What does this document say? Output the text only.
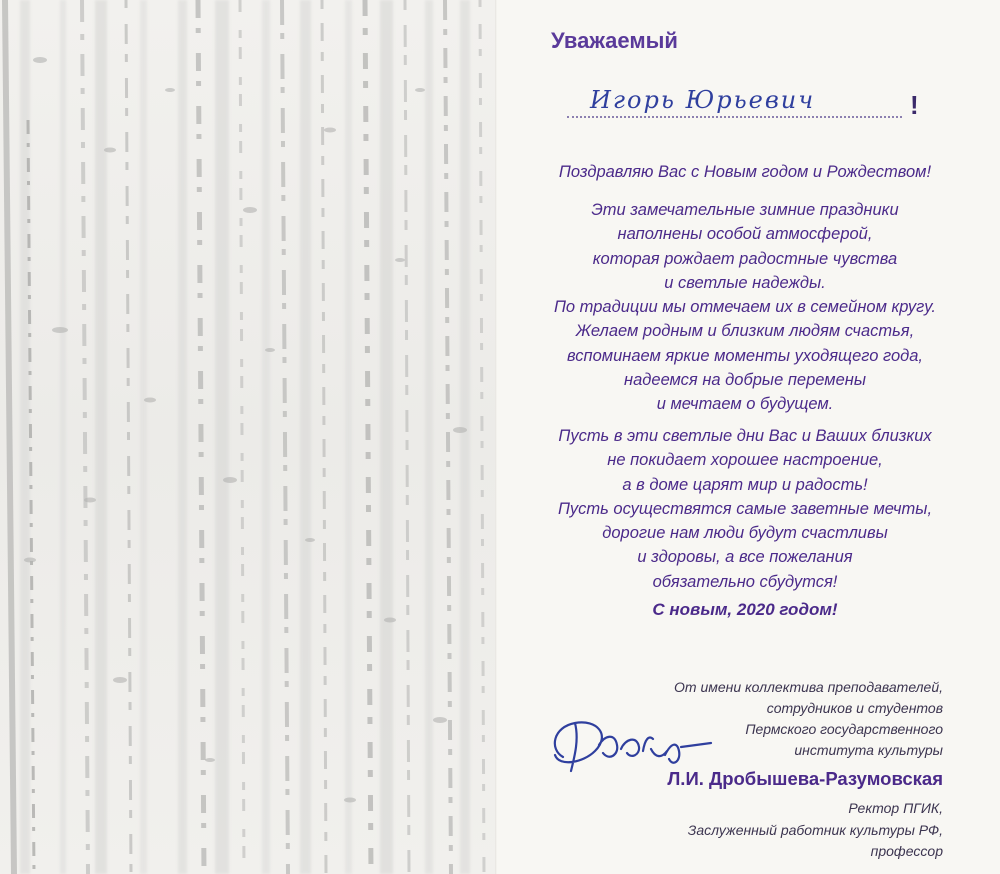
Уважаемый
Игорь Юрьевич	!
Поздравляю Вас с Новым годом и Рождеством!
Эти замечательные зимние праздники
наполнены особой атмосферой,
которая рождает радостные чувства
и светлые надежды.
По традиции мы отмечаем их в семейном кругу.
Желаем родным и близким людям счастья,
вспоминаем яркие моменты уходящего года,
надеемся на добрые перемены
и мечтаем о будущем.
Пусть в эти светлые дни Вас и Ваших близких
не покидает хорошее настроение,
а в доме царят мир и радость!
Пусть осуществятся самые заветные мечты,
дорогие нам люди будут счастливы
и здоровы, а все пожелания
обязательно сбудутся!
С новым, 2020 годом!
От имени коллектива преподавателей,
сотрудников и студентов
Пермского государственного
института культуры
Л.И. Дробышева-Разумовская
Ректор ПГИК,
Заслуженный работник культуры РФ,
профессор
